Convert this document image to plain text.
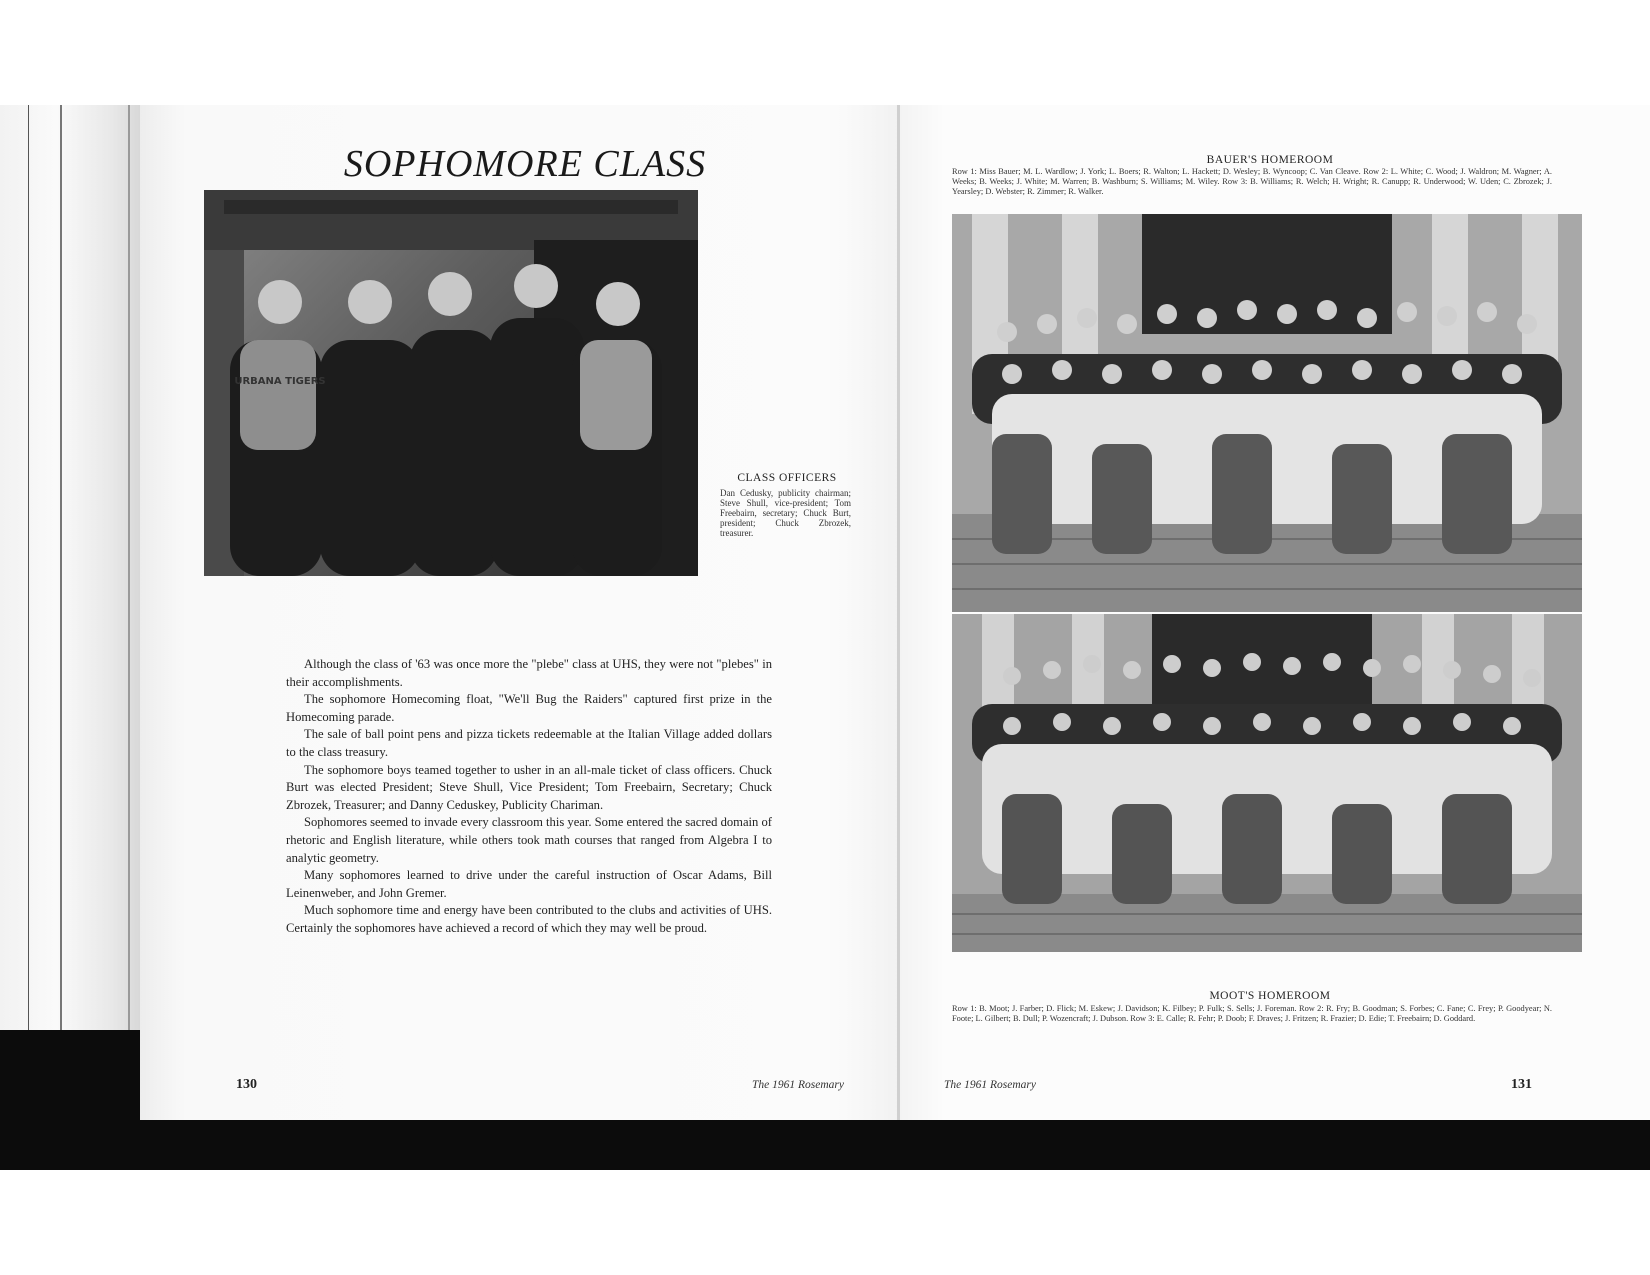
SOPHOMORE CLASS
URBANA TIGERS
CLASS OFFICERS
Dan Cedusky, publicity chairman; Steve Shull, vice-president; Tom Freebairn, secretary; Chuck Burt, president; Chuck Zbrozek, treasurer.

Although the class of '63 was once more the "plebe" class at UHS, they were not "plebes" in their accomplishments.

The sophomore Homecoming float, "We'll Bug the Raiders" captured first prize in the Homecoming parade.

The sale of ball point pens and pizza tickets redeemable at the Italian Village added dollars to the class treasury.

The sophomore boys teamed together to usher in an all-male ticket of class officers. Chuck Burt was elected President; Steve Shull, Vice President; Tom Freebairn, Secretary; Chuck Zbrozek, Treasurer; and Danny Ceduskey, Publicity Chariman.

Sophomores seemed to invade every classroom this year. Some entered the sacred domain of rhetoric and English literature, while others took math courses that ranged from Algebra I to analytic geometry.

Many sophomores learned to drive under the careful instruction of Oscar Adams, Bill Leinenweber, and John Gremer.

Much sophomore time and energy have been contributed to the clubs and activities of UHS. Certainly the sophomores have achieved a record of which they may well be proud.

130	The 1961 Rosemary
BAUER'S HOMEROOM
Row 1: Miss Bauer; M. L. Wardlow; J. York; L. Boers; R. Walton; L. Hackett; D. Wesley; B. Wyncoop; C. Van Cleave. Row 2: L. White; C. Wood; J. Waldron; M. Wagner; A. Weeks; B. Weeks; J. White; M. Warren; B. Washburn; S. Williams; M. Wiley. Row 3: B. Williams; R. Welch; H. Wright; R. Canupp; R. Underwood; W. Uden; C. Zbrozek; J. Yearsley; D. Webster; R. Zimmer; R. Walker.
MOOT'S HOMEROOM
Row 1: B. Moot; J. Farber; D. Flick; M. Eskew; J. Davidson; K. Filbey; P. Fulk; S. Sells; J. Foreman. Row 2: R. Fry; B. Goodman; S. Forbes; C. Fane; C. Frey; P. Goodyear; N. Foote; L. Gilbert; B. Dull; P. Wozencraft; J. Dubson. Row 3: E. Calle; R. Fehr; P. Doob; F. Draves; J. Fritzen; R. Frazier; D. Edie; T. Freebairn; D. Goddard.
The 1961 Rosemary	131
